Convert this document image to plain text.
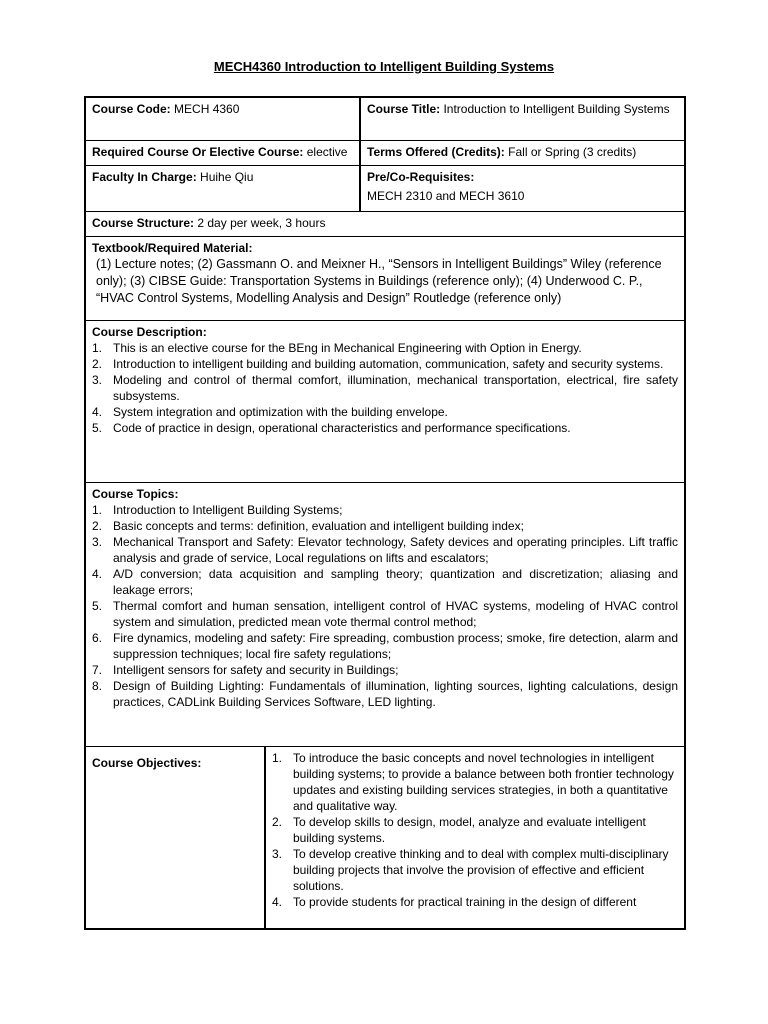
MECH4360 Introduction to Intelligent Building Systems
Course Code: MECH 4360	Course Title: Introduction to Intelligent Building Systems
Required Course Or Elective Course: elective	Terms Offered (Credits): Fall or Spring (3 credits)
Faculty In Charge: Huihe Qiu	Pre/Co-Requisites:
MECH 2310 and MECH 3610
Course Structure: 2 day per week, 3 hours
Textbook/Required Material:
(1) Lecture notes; (2) Gassmann O. and Meixner H., “Sensors in Intelligent Buildings” Wiley (reference only); (3) CIBSE Guide: Transportation Systems in Buildings (reference only); (4) Underwood C. P., “HVAC Control Systems, Modelling Analysis and Design” Routledge (reference only)
Course Description:
1. This is an elective course for the BEng in Mechanical Engineering with Option in Energy.
2. Introduction to intelligent building and building automation, communication, safety and security systems.
3. Modeling and control of thermal comfort, illumination, mechanical transportation, electrical, fire safety subsystems.
4. System integration and optimization with the building envelope.
5. Code of practice in design, operational characteristics and performance specifications.
Course Topics:
1. Introduction to Intelligent Building Systems;
2. Basic concepts and terms: definition, evaluation and intelligent building index;
3. Mechanical Transport and Safety: Elevator technology, Safety devices and operating principles. Lift traffic analysis and grade of service, Local regulations on lifts and escalators;
4. A/D conversion; data acquisition and sampling theory; quantization and discretization; aliasing and leakage errors;
5. Thermal comfort and human sensation, intelligent control of HVAC systems, modeling of HVAC control system and simulation, predicted mean vote thermal control method;
6. Fire dynamics, modeling and safety: Fire spreading, combustion process; smoke, fire detection, alarm and suppression techniques; local fire safety regulations;
7. Intelligent sensors for safety and security in Buildings;
8. Design of Building Lighting: Fundamentals of illumination, lighting sources, lighting calculations, design practices, CADLink Building Services Software, LED lighting.
Course Objectives:	1. To introduce the basic concepts and novel technologies in intelligent building systems; to provide a balance between both frontier technology updates and existing building services strategies, in both a quantitative and qualitative way.
2. To develop skills to design, model, analyze and evaluate intelligent building systems.
3. To develop creative thinking and to deal with complex multi-disciplinary building projects that involve the provision of effective and efficient solutions.
4. To provide students for practical training in the design of different
